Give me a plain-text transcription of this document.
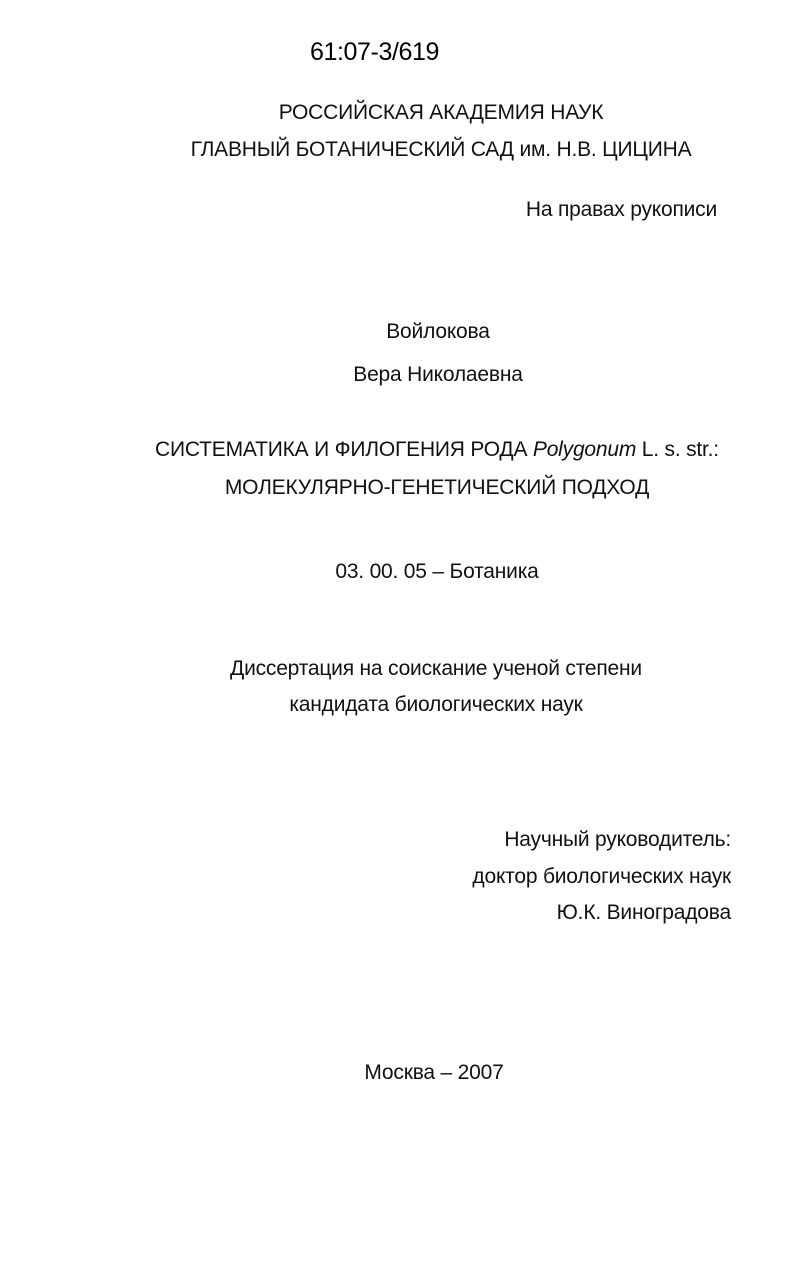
61:07-3/619
РОССИЙСКАЯ АКАДЕМИЯ НАУК
ГЛАВНЫЙ БОТАНИЧЕСКИЙ САД им. Н.В. ЦИЦИНА
На правах рукописи
Войлокова
Вера Николаевна
СИСТЕМАТИКА И ФИЛОГЕНИЯ РОДА Polygonum L. s. str.:
МОЛЕКУЛЯРНО-ГЕНЕТИЧЕСКИЙ ПОДХОД
03. 00. 05 – Ботаника
Диссертация на соискание ученой степени
кандидата биологических наук
Научный руководитель:
доктор биологических наук
Ю.К. Виноградова
Москва – 2007
